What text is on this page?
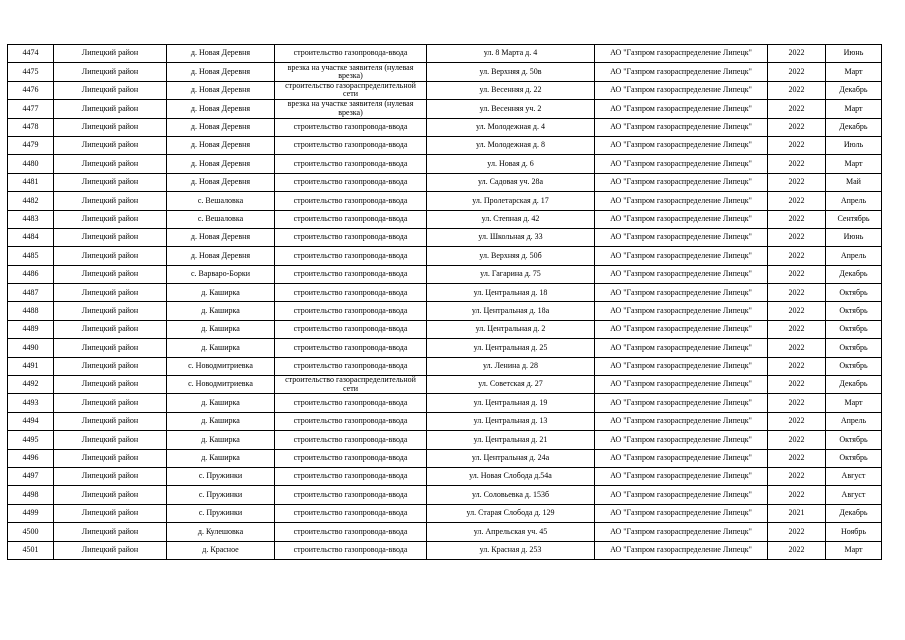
4474	Липецкий район	д. Новая Деревня	строительство газопровода-ввода	ул. 8 Марта д. 4	АО "Газпром газораспределение Липецк"	2022	Июнь
4475	Липецкий район	д. Новая Деревня	врезка на участке заявителя (нулевая врезка)	ул. Верхняя д. 50в	АО "Газпром газораспределение Липецк"	2022	Март
4476	Липецкий район	д. Новая Деревня	строительство газораспределительной сети	ул. Весенняя д. 22	АО "Газпром газораспределение Липецк"	2022	Декабрь
4477	Липецкий район	д. Новая Деревня	врезка на участке заявителя (нулевая врезка)	ул. Весенняя уч. 2	АО "Газпром газораспределение Липецк"	2022	Март
4478	Липецкий район	д. Новая Деревня	строительство газопровода-ввода	ул. Молодежная д. 4	АО "Газпром газораспределение Липецк"	2022	Декабрь
4479	Липецкий район	д. Новая Деревня	строительство газопровода-ввода	ул. Молодежная д. 8	АО "Газпром газораспределение Липецк"	2022	Июль
4480	Липецкий район	д. Новая Деревня	строительство газопровода-ввода	ул. Новая д. 6	АО "Газпром газораспределение Липецк"	2022	Март
4481	Липецкий район	д. Новая Деревня	строительство газопровода-ввода	ул. Садовая уч. 28а	АО "Газпром газораспределение Липецк"	2022	Май
4482	Липецкий район	с. Вешаловка	строительство газопровода-ввода	ул. Пролетарская д. 17	АО "Газпром газораспределение Липецк"	2022	Апрель
4483	Липецкий район	с. Вешаловка	строительство газопровода-ввода	ул. Степная д. 42	АО "Газпром газораспределение Липецк"	2022	Сентябрь
4484	Липецкий район	д. Новая Деревня	строительство газопровода-ввода	ул. Школьная д. 33	АО "Газпром газораспределение Липецк"	2022	Июнь
4485	Липецкий район	д. Новая Деревня	строительство газопровода-ввода	ул. Верхняя д. 50б	АО "Газпром газораспределение Липецк"	2022	Апрель
4486	Липецкий район	с. Варваро-Борки	строительство газопровода-ввода	ул. Гагарина д. 75	АО "Газпром газораспределение Липецк"	2022	Декабрь
4487	Липецкий район	д. Каширка	строительство газопровода-ввода	ул. Центральная д. 18	АО "Газпром газораспределение Липецк"	2022	Октябрь
4488	Липецкий район	д. Каширка	строительство газопровода-ввода	ул. Центральная д. 18а	АО "Газпром газораспределение Липецк"	2022	Октябрь
4489	Липецкий район	д. Каширка	строительство газопровода-ввода	ул. Центральная д. 2	АО "Газпром газораспределение Липецк"	2022	Октябрь
4490	Липецкий район	д. Каширка	строительство газопровода-ввода	ул. Центральная д. 25	АО "Газпром газораспределение Липецк"	2022	Октябрь
4491	Липецкий район	с. Новодмитриевка	строительство газопровода-ввода	ул. Ленина д. 28	АО "Газпром газораспределение Липецк"	2022	Октябрь
4492	Липецкий район	с. Новодмитриевка	строительство газораспределительной сети	ул. Советская д. 27	АО "Газпром газораспределение Липецк"	2022	Декабрь
4493	Липецкий район	д. Каширка	строительство газопровода-ввода	ул. Центральная д. 19	АО "Газпром газораспределение Липецк"	2022	Март
4494	Липецкий район	д. Каширка	строительство газопровода-ввода	ул. Центральная д. 13	АО "Газпром газораспределение Липецк"	2022	Апрель
4495	Липецкий район	д. Каширка	строительство газопровода-ввода	ул. Центральная д. 21	АО "Газпром газораспределение Липецк"	2022	Октябрь
4496	Липецкий район	д. Каширка	строительство газопровода-ввода	ул. Центральная д. 24а	АО "Газпром газораспределение Липецк"	2022	Октябрь
4497	Липецкий район	с. Пружинки	строительство газопровода-ввода	ул. Новая Слобода д.54а	АО "Газпром газораспределение Липецк"	2022	Август
4498	Липецкий район	с. Пружинки	строительство газопровода-ввода	ул. Соловьевка д. 153б	АО "Газпром газораспределение Липецк"	2022	Август
4499	Липецкий район	с. Пружинки	строительство газопровода-ввода	ул. Старая Слобода д. 129	АО "Газпром газораспределение Липецк"	2021	Декабрь
4500	Липецкий район	д. Кулешовка	строительство газопровода-ввода	ул. Апрельская уч. 45	АО "Газпром газораспределение Липецк"	2022	Ноябрь
4501	Липецкий район	д. Красное	строительство газопровода-ввода	ул. Красная д. 253	АО "Газпром газораспределение Липецк"	2022	Март
